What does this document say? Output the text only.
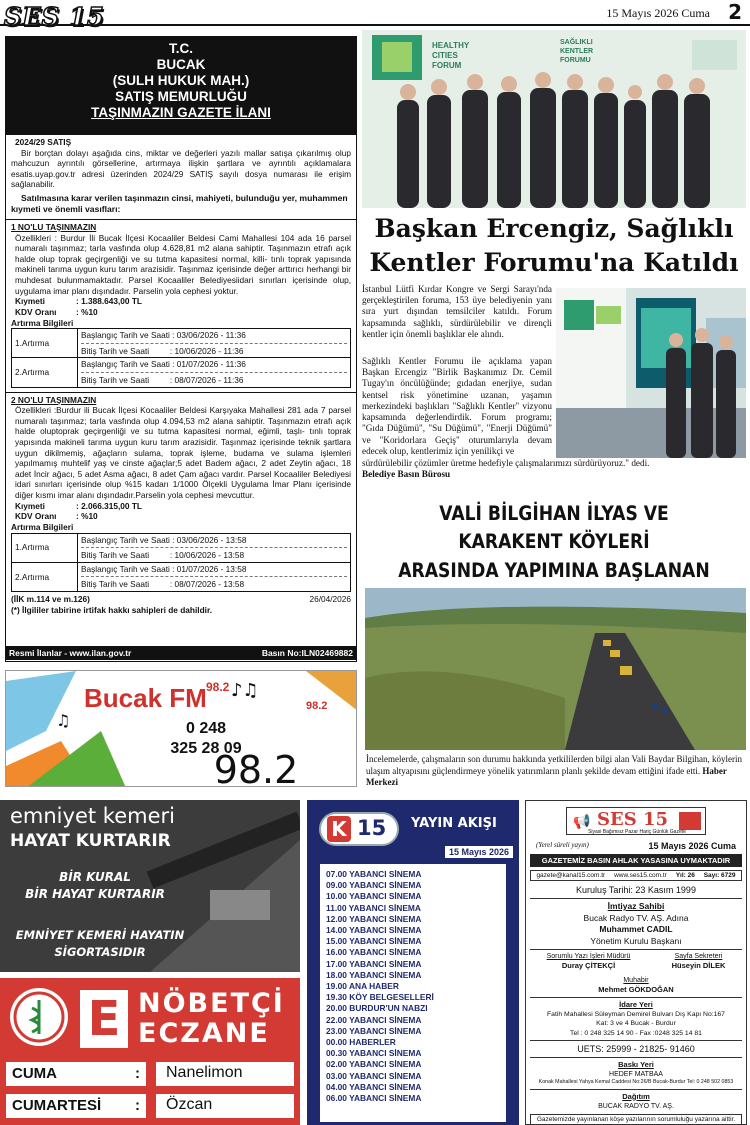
SES 15	15 Mayıs 2026 Cuma 2
T.C.
BUCAK
(SULH HUKUK MAH.)
SATIŞ MEMURLUĞU
TAŞINMAZIN GAZETE İLANI

2024/29 SATIŞ

Bir borçtan dolayı aşağıda cins, miktar ve değerleri yazılı mallar satışa çıkarılmış olup mahcuzun ayrıntılı görsellerine, artırmaya ilişkin şartlara ve ayrıntılı açıklamalara esatis.uyap.gov.tr adresi üzerinden 2024/29 SATIŞ sayılı dosya numarası ile erişim sağlanabilir.

Satılmasına karar verilen taşınmazın cinsi, mahiyeti, bulunduğu yer, muhammen kıymeti ve önemli vasıfları:

1 NO'LU TAŞINMAZIN

Özellikleri : Burdur İli Bucak İlçesi Kocaaliler Beldesi Cami Mahallesi 104 ada 16 parsel numaralı taşınmaz; tarla vasfında olup 4.628,81 m2 alana sahiptir. Taşınmazın etrafı açık halde olup toprak geçirgenliği ve su tutma kapasitesi normal, killi- tınlı toprak yapısında makineli tarıma uygun kuru tarım arazisidir. Taşınmaz içerisinde değer arttırıcı herhangi bir muhdesat bulunmamaktadır. Parsel Kocaaliler Belediyesiidari sınırları içerisinde olup, uygulama imar planı dışındadır. Parselin yola cephesi yoktur.

Kıymeti	: 1.388.643,00 TL
KDV Oranı	: %10

Artırma Bilgileri

1.Artırma	Başlangıç Tarih ve Saati : 03/06/2026 - 11:36
Bitiş Tarih ve Saati         : 10/06/2026 - 11:36

2.Artırma	Başlangıç Tarih ve Saati : 01/07/2026 - 11:36
Bitiş Tarih ve Saati         : 08/07/2026 - 11:36

2 NO'LU TAŞINMAZIN

Özellikleri :Burdur ili Bucak İlçesi Kocaaliler Beldesi Karşıyaka Mahallesi 281 ada 7 parsel numaralı taşınmaz; tarla vasfında olup 4.094,53 m2 alana sahiptir. Taşınmazın etrafı açık halde oluptoprak geçirgenliği ve su tutma kapasitesi normal, eğimli, taşlı- tınlı toprak yapısında makineli tarıma uygun kuru tarım arazisidir. Taşınmaz içerisinde teknik şartlara uygun dikilmemiş, ağaçların sulama, toprak işleme, budama ve sulama işlemleri yapılmamış muhtelif yaş ve cinste ağaçlar;5 adet Badem ağacı, 2 adet Zeytin ağacı, 18 adet İncir ağacı, 5 adet Asma ağacı, 8 adet Çam ağacı vardır. Parsel Kocaaliler Belediyesi idari sınırları içerisinde olup %15 kadarı 1/1000 Ölçekli Uygulama İmar Planı içerisinde diğer kısmı imar alanı dışındadır.Parselin yola cephesi mevcuttur.

Kıymeti	: 2.066.315,00 TL
KDV Oranı	: %10

Artırma Bilgileri

1.Artırma	Başlangıç Tarih ve Saati : 03/06/2026 - 13:58
Bitiş Tarih ve Saati         : 10/06/2026 - 13:58

2.Artırma	Başlangıç Tarih ve Saati : 01/07/2026 - 13:58
Bitiş Tarih ve Saati         : 08/07/2026 - 13:58
(İİK m.114 ve m.126)	26/04/2026

(*) İlgililer tabirine irtifak hakkı sahipleri de dahildir.

Resmi İlanlar - www.ilan.gov.tr	Basın No:ILN02469882
98.2
98.2
Bucak FM ♪♫
♫	0 248
325 28 09
98.2
HEALTHY
CITIES
FORUM
SAĞLIKLI
KENTLER
FORUMU
Başkan Ercengiz, Sağlıklı
Kentler Forumu'na Katıldı

İstanbul Lütfi Kırdar Kongre ve Sergi Sarayı'nda gerçekleştirilen foruma, 153 üye belediyenin yanı sıra yurt dışından temsilciler katıldı. Forum kapsamında sağlıklı, sürdürülebilir ve dirençli kentler için önemli başlıklar ele alındı.

Sağlıklı Kentler Forumu ile açıklama yapan Başkan Ercengiz "Birlik Başkanımız Dr. Cemil Tugay'ın öncülüğünde; gıdadan enerjiye, sudan kentsel risk yönetimine uzanan, yaşamın merkezindeki başlıkları "Sağlıklı Kentler" vizyonu kapsamında değerlendirdik. Forum programı; "Gıda Düğümü", "Su Düğümü", "Enerji Düğümü" ve "Koridorlara Geçiş" oturumlarıyla devam edecek olup, kentlerimiz için yenilikçi ve

sürdürülebilir çözümler üretme hedefiyle çalışmalarımızı sürdürüyoruz." dedi.

Belediye Basın Bürosu

VALİ BİLGİHAN İLYAS VE KARAKENT KÖYLERİ
ARASINDA YAPIMINA BAŞLANAN
İncelemelerde, çalışmaların son durumu hakkında yetkililerden bilgi alan Vali Baydar Bilgihan, köylerin ulaşım altyapısını güçlendirmeye yönelik yatırımların planlı şekilde devam ettiğini ifade etti. Haber Merkezi
emniyet kemeri
HAYAT KURTARIR
BİR KURAL
BİR HAYAT KURTARIR
EMNİYET KEMERİ HAYATIN
SİGORTASIDIR
E NÖBETÇİ
ECZANE
CUMA	:	Nanelimon
CUMARTESİ :	Özcan
K 15 YAYIN AKIŞI
15 Mayıs 2026
07.00 YABANCI SİNEMA
09.00 YABANCI SİNEMA
10.00 YABANCI SİNEMA
11.00 YABANCI SİNEMA
12.00 YABANCI SİNEMA
14.00 YABANCI SİNEMA
15.00 YABANCI SİNEMA
16.00 YABANCI SİNEMA
17.00 YABANCI SİNEMA
18.00 YABANCI SİNEMA
19.00 ANA HABER
19.30 KÖY BELGESELLERİ
20.00 BURDUR'UN NABZI
22.00 YABANCI SİNEMA
23.00 YABANCI SİNEMA
00.00 HABERLER
00.30 YABANCI SİNEMA
02.00 YABANCI SİNEMA
03.00 YABANCI SİNEMA
04.00 YABANCI SİNEMA
06.00 YABANCI SİNEMA
SES 15
📢
Siyasi Bağımsız Pazar Hariç Günlük Gazete
(Yerel süreli yayın)	15 Mayıs 2026 Cuma
GAZETEMİZ BASIN AHLAK YASASINA UYMAKTADIR
gazete@kanal15.com.tr www.ses15.com.tr Yıl: 26 Sayı: 6729
Kuruluş Tarihi: 23 Kasım 1999
İmtiyaz Sahibi
Bucak Radyo TV. AŞ. Adına
Muhammet CADIL
Yönetim Kurulu Başkanı
Sorumlu Yazı İşleri Müdürü
Duray ÇİTEKÇİ
Sayfa Sekreteri
Hüseyin DİLEK
Muhabir
Mehmet GÖKDOĞAN
İdare Yeri
Fatih Mahallesi Süleyman Demirel Bulvarı Dış Kapı No:167
Kat: 3 ve 4 Bucak - Burdur
Tel : 0 248 325 14 90 - Fax :0248 325 14 81
UETS: 25999 - 21825- 91460
Baskı Yeri
HEDEF MATBAA
Konak Mahallesi Yahya Kemal Caddesi No:26/B Bucak-Burdur Tel: 0 248 502 0853
Dağıtım
BUCAK RADYO TV. AŞ.
Gazetemizde yayınlanan köşe yazılarının sorumluluğu yazarına aittir.
